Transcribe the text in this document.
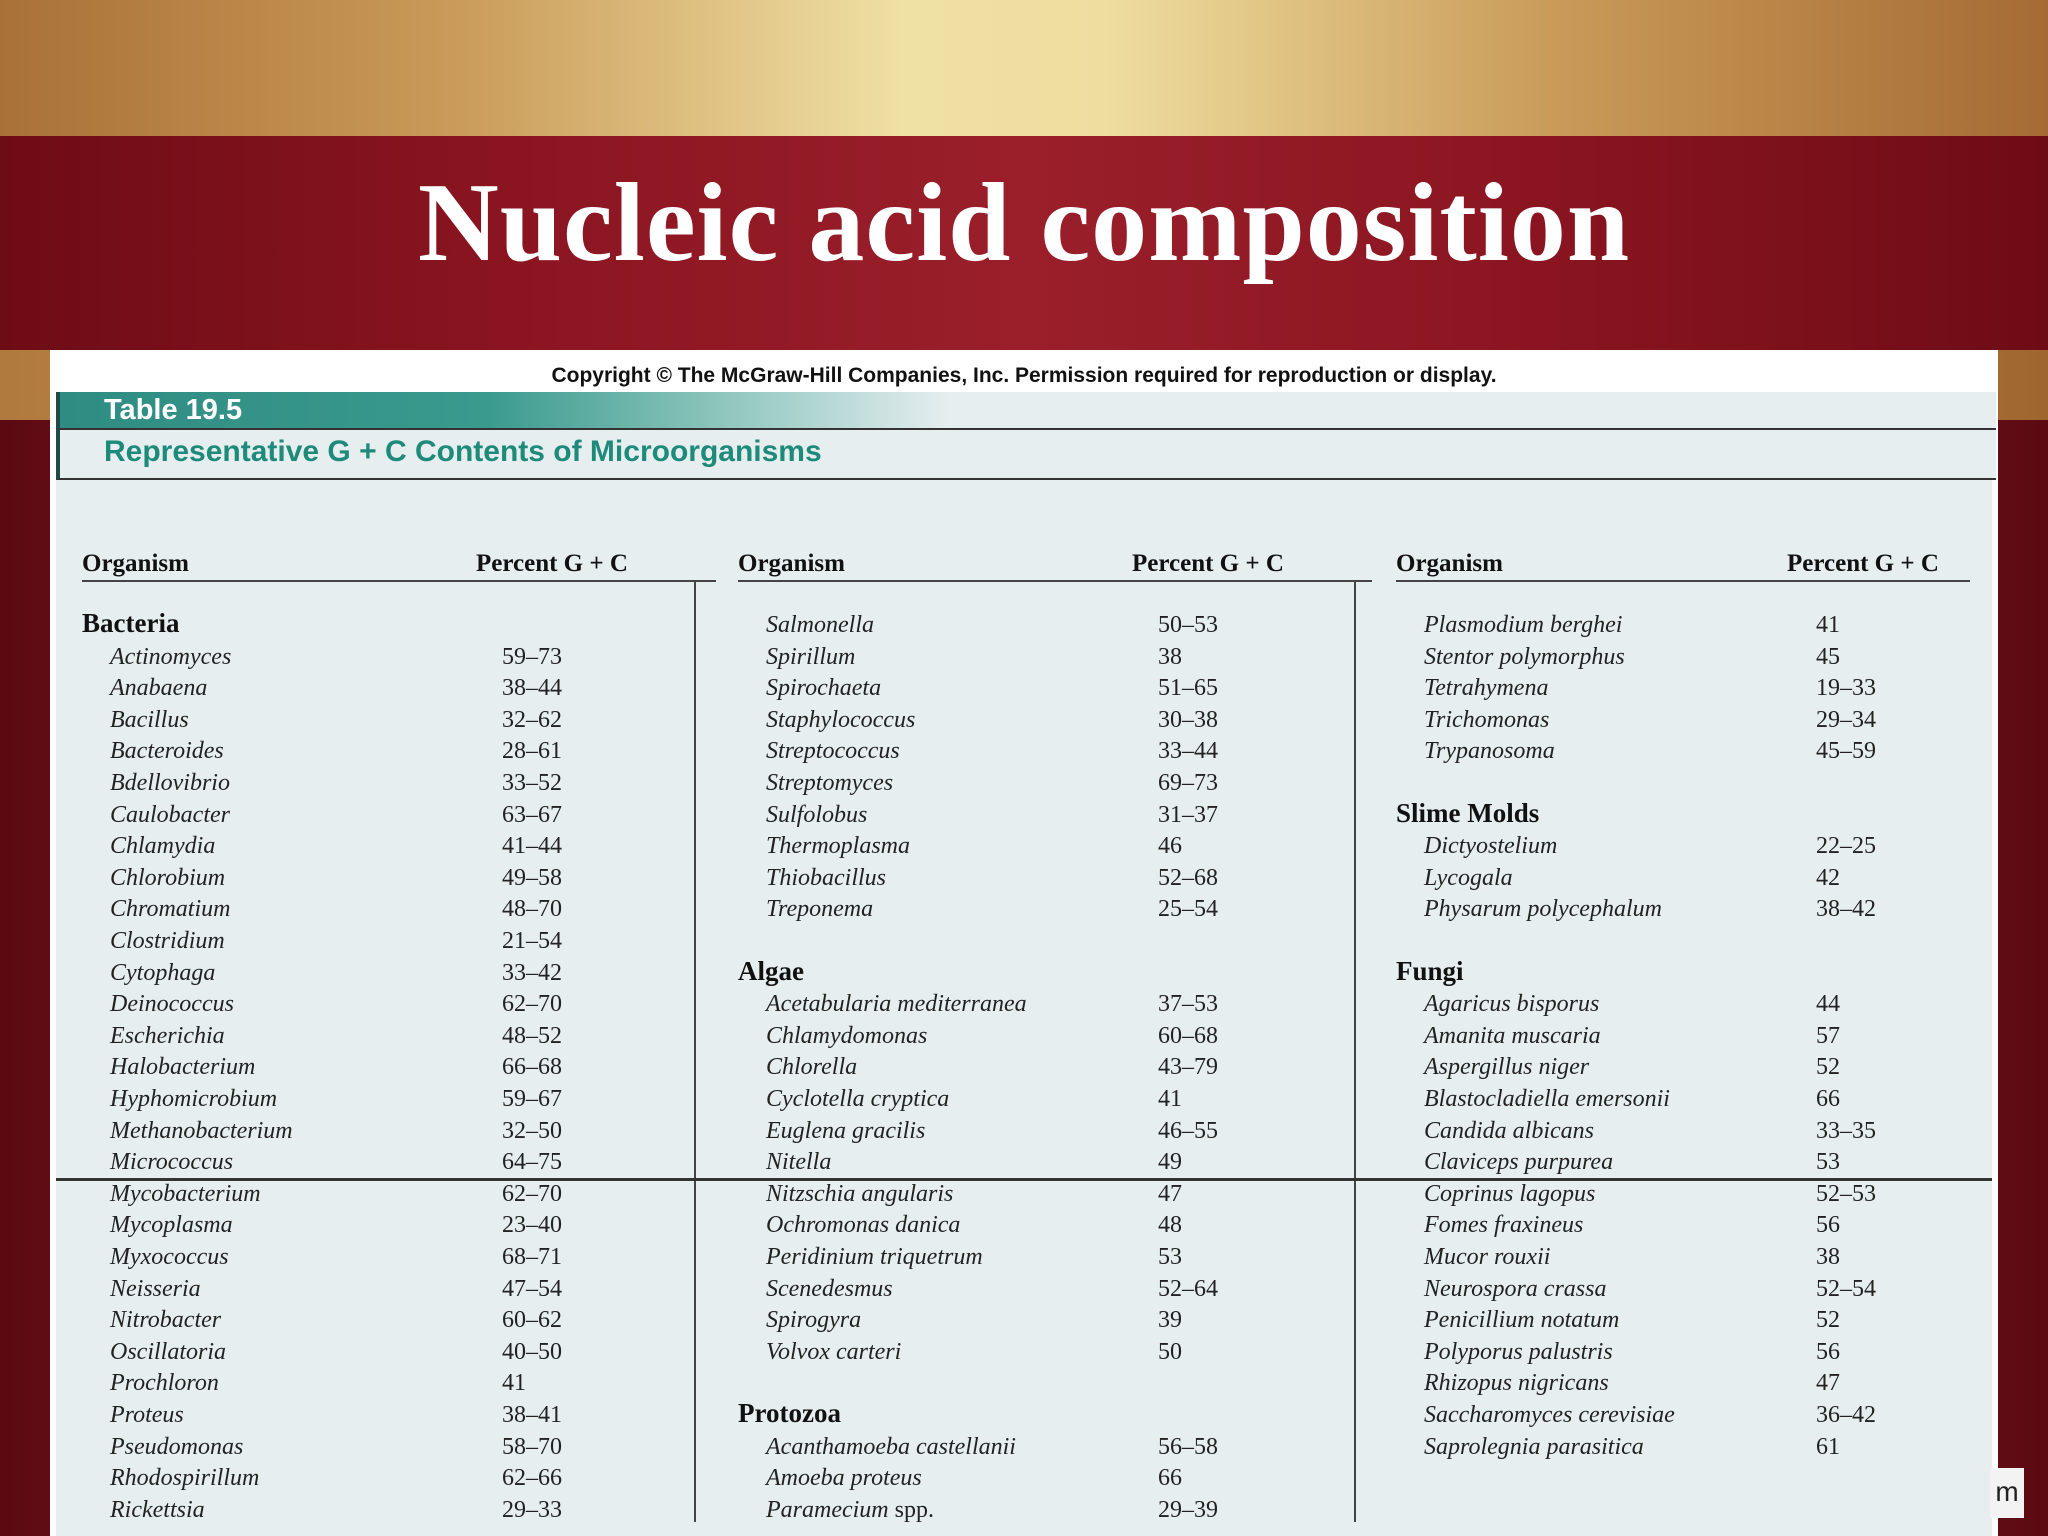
Nucleic acid composition
Copyright © The McGraw-Hill Companies, Inc. Permission required for reproduction or display.
Table 19.5
Representative G + C Contents of Microorganisms
Organism	Percent G + C	Organism	Percent G + C	Organism	Percent G + C
Bacteria
Actinomyces	59–73
Anabaena	38–44
Bacillus	32–62
Bacteroides	28–61
Bdellovibrio	33–52
Caulobacter	63–67
Chlamydia	41–44
Chlorobium	49–58
Chromatium	48–70
Clostridium	21–54
Cytophaga	33–42
Deinococcus	62–70
Escherichia	48–52
Halobacterium	66–68
Hyphomicrobium	59–67
Methanobacterium	32–50
Micrococcus	64–75
Mycobacterium	62–70
Mycoplasma	23–40
Myxococcus	68–71
Neisseria	47–54
Nitrobacter	60–62
Oscillatoria	40–50
Prochloron	41
Proteus	38–41
Pseudomonas	58–70
Rhodospirillum	62–66
Rickettsia	29–33
Salmonella	50–53
Spirillum	38
Spirochaeta	51–65
Staphylococcus	30–38
Streptococcus	33–44
Streptomyces	69–73
Sulfolobus	31–37
Thermoplasma	46
Thiobacillus	52–68
Treponema	25–54
Algae
Acetabularia mediterranea	37–53
Chlamydomonas	60–68
Chlorella	43–79
Cyclotella cryptica	41
Euglena gracilis	46–55
Nitella	49
Nitzschia angularis	47
Ochromonas danica	48
Peridinium triquetrum	53
Scenedesmus	52–64
Spirogyra	39
Volvox carteri	50
Protozoa
Acanthamoeba castellanii	56–58
Amoeba proteus	66
Paramecium spp.	29–39
Plasmodium berghei	41
Stentor polymorphus	45
Tetrahymena	19–33
Trichomonas	29–34
Trypanosoma	45–59
Slime Molds
Dictyostelium	22–25
Lycogala	42
Physarum polycephalum	38–42
Fungi
Agaricus bisporus	44
Amanita muscaria	57
Aspergillus niger	52
Blastocladiella emersonii	66
Candida albicans	33–35
Claviceps purpurea	53
Coprinus lagopus	52–53
Fomes fraxineus	56
Mucor rouxii	38
Neurospora crassa	52–54
Penicillium notatum	52
Polyporus palustris	56
Rhizopus nigricans	47
Saccharomyces cerevisiae	36–42
Saprolegnia parasitica	61
m
